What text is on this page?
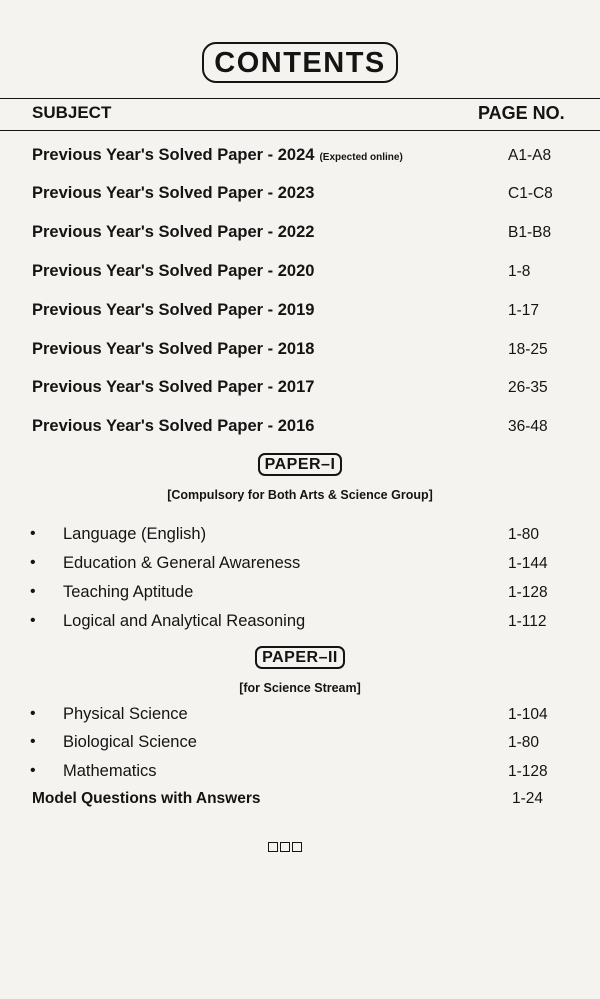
CONTENTS
SUBJECT	PAGE NO.
Previous Year's Solved Paper - 2024 (Expected online)	A1-A8
Previous Year's Solved Paper - 2023	C1-C8
Previous Year's Solved Paper - 2022	B1-B8
Previous Year's Solved Paper - 2020	1-8
Previous Year's Solved Paper - 2019	1-17
Previous Year's Solved Paper - 2018	18-25
Previous Year's Solved Paper - 2017	26-35
Previous Year's Solved Paper - 2016	36-48
PAPER–I
[Compulsory for Both Arts & Science Group]
• Language (English)	1-80
• Education & General Awareness	1-144
• Teaching Aptitude	1-128
• Logical and Analytical Reasoning	1-112
PAPER–II
[for Science Stream]
• Physical Science	1-104
• Biological Science	1-80
• Mathematics	1-128
Model Questions with Answers	1-24
